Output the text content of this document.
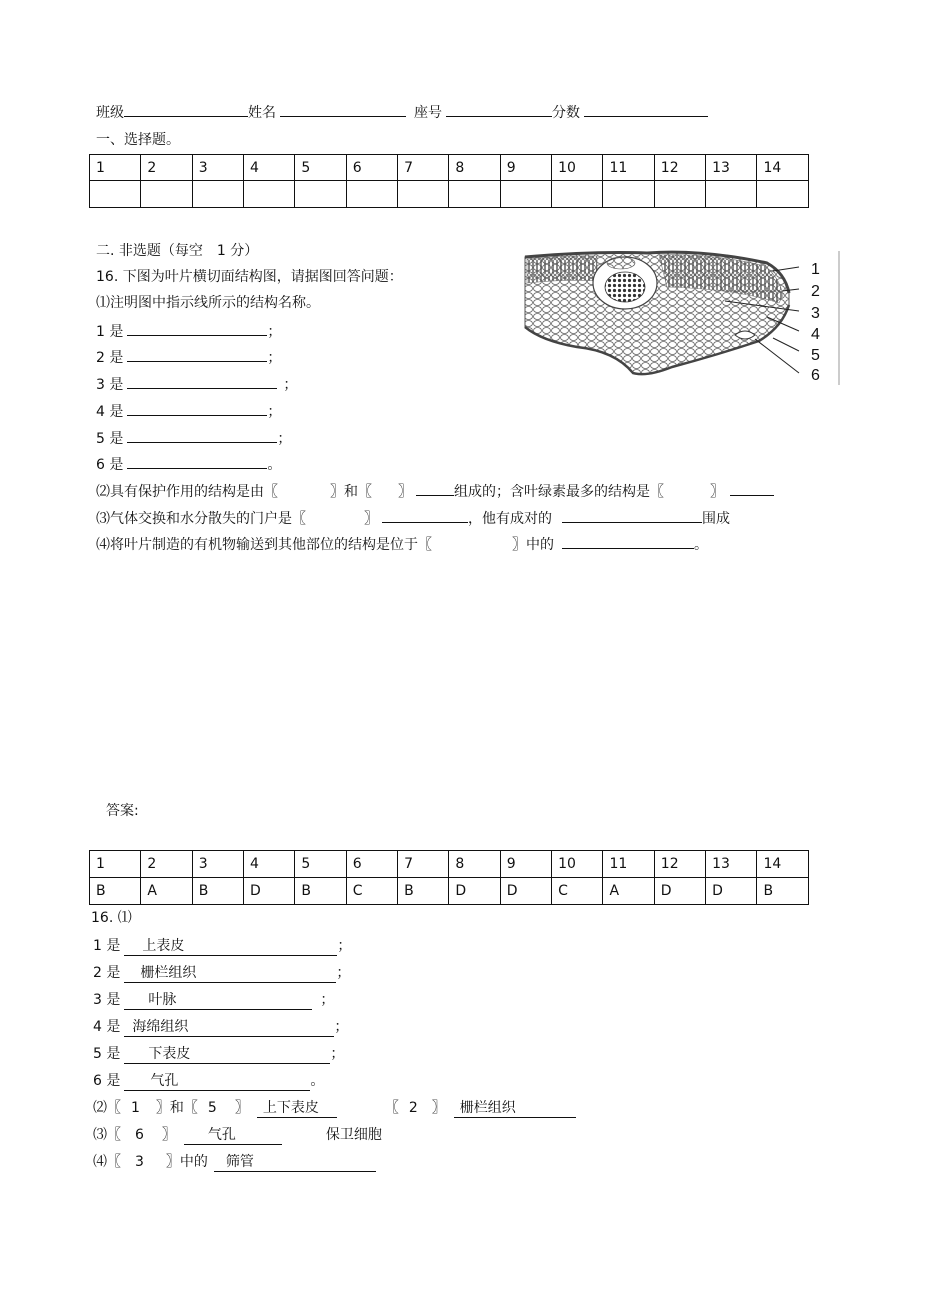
班级	姓名	座号	分数
一、选择题。
1	2	3	4	5	6	7	8	9	10	11	12	13	14

二. 非选题（每空　1 分）
16. 下图为叶片横切面结构图，请据图回答问题：
⑴注明图中指示线所示的结构名称。
1 是	；
2 是	；
3 是	；
4 是	；
5 是	；
6 是	。
⑵具有保护作用的结构是由〖	〗和〖 〗	组成的；含叶绿素最多的结构是〖	〗
⑶气体交换和水分散失的门户是〖	〗	，他有成对的	围成
⑷将叶片制造的有机物输送到其他部位的结构是位于〖	〗中的	。
1
2
3
4
5
6
答案:
1	2	3	4	5	6	7	8	9	10	11	12	13	14
B	A	B	D	B	C	B	D	D	C	A	D	D	B
16. ⑴
1 是 上表皮	；
2 是 栅栏组织	；
3 是 叶脉	；
4 是 海绵组织	；
5 是 下表皮	；
6 是 气孔	。
⑵〖 1 〗和〖 5 〗 上下表皮	〖 2 〗 栅栏组织
⑶〖 6 〗 气孔	保卫细胞
⑷〖 3 〗中的 筛管
